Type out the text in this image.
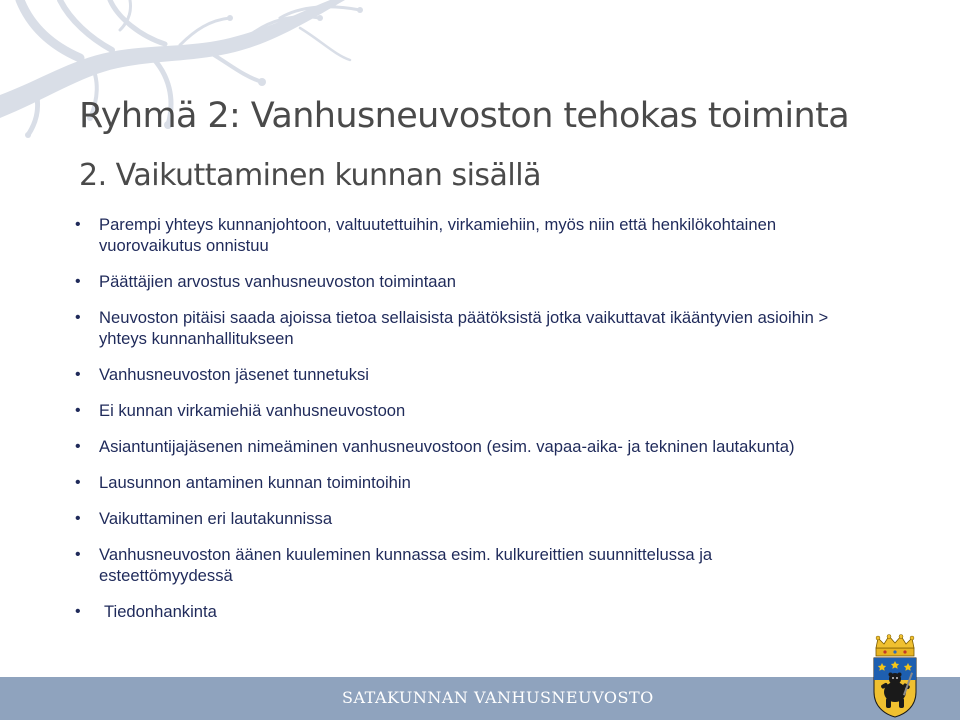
Ryhmä 2: Vanhusneuvoston tehokas toiminta
2. Vaikuttaminen kunnan sisällä
• Parempi yhteys kunnanjohtoon, valtuutettuihin, virkamiehiin, myös niin että henkilökohtainen vuorovaikutus onnistuu
• Päättäjien arvostus vanhusneuvoston toimintaan
• Neuvoston pitäisi saada ajoissa tietoa sellaisista päätöksistä jotka vaikuttavat ikääntyvien asioihin > yhteys kunnanhallitukseen
• Vanhusneuvoston jäsenet tunnetuksi
• Ei kunnan virkamiehiä vanhusneuvostoon
• Asiantuntijajäsenen nimeäminen vanhusneuvostoon (esim. vapaa-aika- ja tekninen lautakunta)
• Lausunnon antaminen kunnan toimintoihin
• Vaikuttaminen eri lautakunnissa
• Vanhusneuvoston äänen kuuleminen kunnassa esim. kulkureittien suunnittelussa ja esteettömyydessä
• Tiedonhankinta
SATAKUNNAN VANHUSNEUVOSTO
